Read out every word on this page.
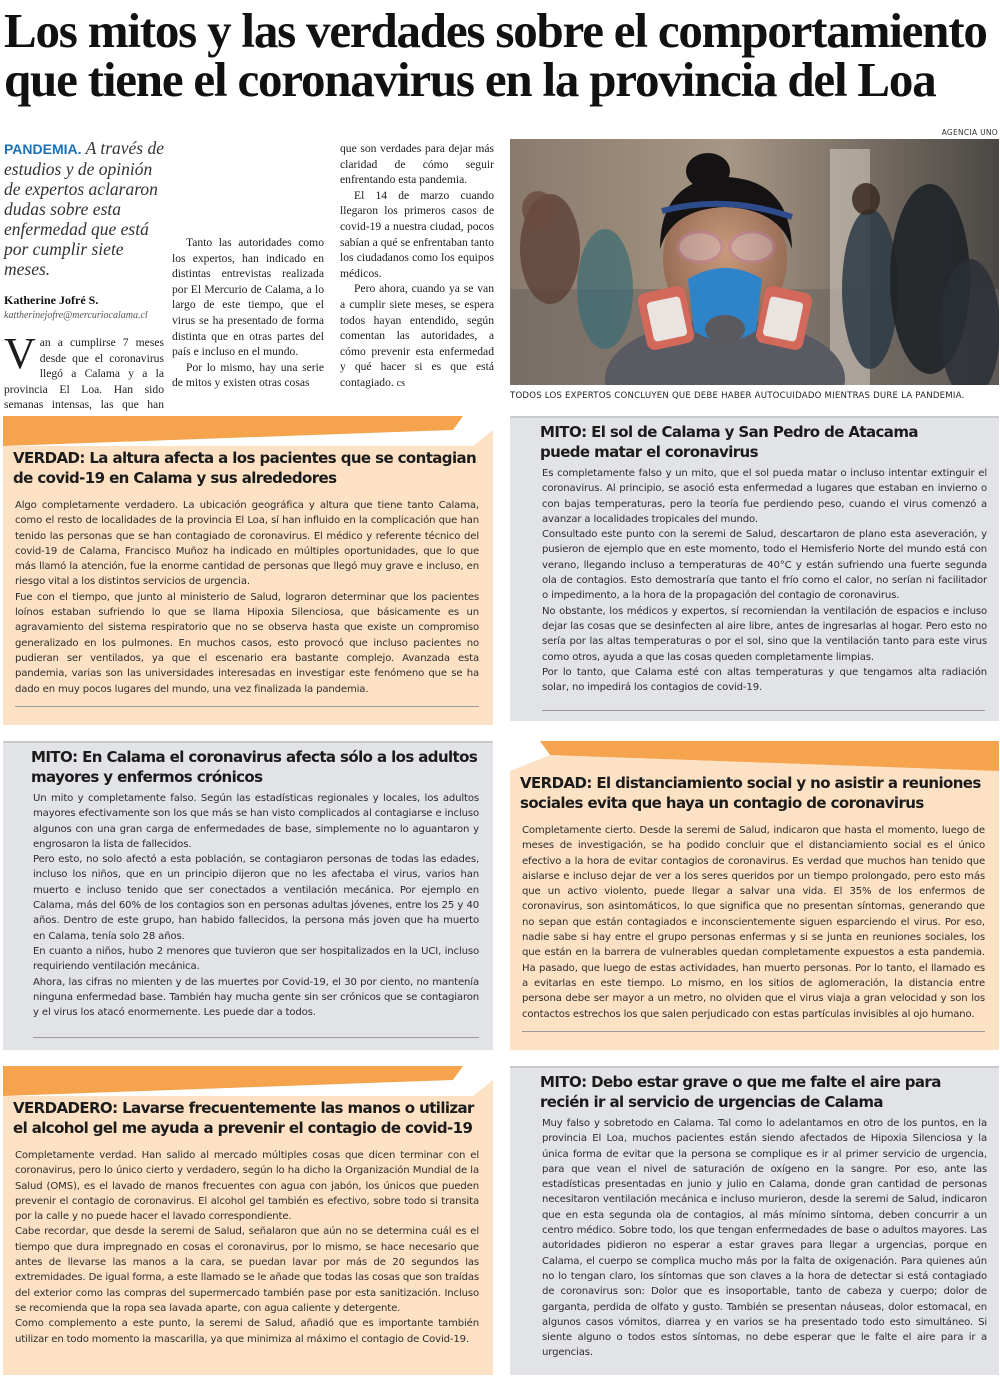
Los mitos y las verdades sobre el comportamiento que tiene el coronavirus en la provincia del Loa

PANDEMIA. A través de estudios y de opinión de expertos aclararon dudas sobre esta enfermedad que está por cumplir siete meses.

Katherine Jofré S.
kattherinejofre@mercuriocalama.cl

Van a cumplirse 7 meses desde que el coronavirus llegó a Calama y a la provincia El Loa. Han sido semanas intensas, las que han

Tanto las autoridades como los expertos, han indicado en distintas entrevistas realizada por El Mercurio de Calama, a lo largo de este tiempo, que el virus se ha presentado de forma distinta que en otras partes del país e incluso en el mundo.

Por lo mismo, hay una serie de mitos y existen otras cosas

que son verdades para dejar más claridad de cómo seguir enfrentando esta pandemia.

El 14 de marzo cuando llegaron los primeros casos de covid-19 a nuestra ciudad, pocos sabían a qué se enfrentaban tanto los ciudadanos como los equipos médicos.

Pero ahora, cuando ya se van a cumplir siete meses, se espera todos hayan entendido, según comentan las autoridades, a cómo prevenir esta enfermedad y qué hacer si es que está contagiado. cs

AGENCIA UNO
TODOS LOS EXPERTOS CONCLUYEN QUE DEBE HABER AUTOCUIDADO MIENTRAS DURE LA PANDEMIA.
VERDAD: La altura afecta a los pacientes que se contagian de covid-19 en Calama y sus alrededores

Algo completamente verdadero. La ubicación geográfica y altura que tiene tanto Calama, como el resto de localidades de la provincia El Loa, sí han influido en la complicación que han tenido las personas que se han contagiado de coronavirus. El médico y referente técnico del covid-19 de Calama, Francisco Muñoz ha indicado en múltiples oportunidades, que lo que más llamó la atención, fue la enorme cantidad de personas que llegó muy grave e incluso, en riesgo vital a los distintos servicios de urgencia.

Fue con el tiempo, que junto al ministerio de Salud, lograron determinar que los pacientes loínos estaban sufriendo lo que se llama Hipoxia Silenciosa, que básicamente es un agravamiento del sistema respiratorio que no se observa hasta que existe un compromiso generalizado en los pulmones. En muchos casos, esto provocó que incluso pacientes no pudieran ser ventilados, ya que el escenario era bastante complejo. Avanzada esta pandemia, varias son las universidades interesadas en investigar este fenómeno que se ha dado en muy pocos lugares del mundo, una vez finalizada la pandemia.

MITO: El sol de Calama y San Pedro de Atacama puede matar el coronavirus

Es completamente falso y un mito, que el sol pueda matar o incluso intentar extinguir el coronavirus. Al principio, se asoció esta enfermedad a lugares que estaban en invierno o con bajas temperaturas, pero la teoría fue perdiendo peso, cuando el virus comenzó a avanzar a localidades tropicales del mundo.

Consultado este punto con la seremi de Salud, descartaron de plano esta aseveración, y pusieron de ejemplo que en este momento, todo el Hemisferio Norte del mundo está con verano, llegando incluso a temperaturas de 40°C y están sufriendo una fuerte segunda ola de contagios. Esto demostraría que tanto el frío como el calor, no serían ni facilitador o impedimento, a la hora de la propagación del contagio de coronavirus.

No obstante, los médicos y expertos, sí recomiendan la ventilación de espacios e incluso dejar las cosas que se desinfecten al aire libre, antes de ingresarlas al hogar. Pero esto no sería por las altas temperaturas o por el sol, sino que la ventilación tanto para este virus como otros, ayuda a que las cosas queden completamente limpias.

Por lo tanto, que Calama esté con altas temperaturas y que tengamos alta radiación solar, no impedirá los contagios de covid-19.

MITO: En Calama el coronavirus afecta sólo a los adultos mayores y enfermos crónicos

Un mito y completamente falso. Según las estadísticas regionales y locales, los adultos mayores efectivamente son los que más se han visto complicados al contagiarse e incluso algunos con una gran carga de enfermedades de base, simplemente no lo aguantaron y engrosaron la lista de fallecidos.

Pero esto, no solo afectó a esta población, se contagiaron personas de todas las edades, incluso los niños, que en un principio dijeron que no les afectaba el virus, varios han muerto e incluso tenido que ser conectados a ventilación mecánica. Por ejemplo en Calama, más del 60% de los contagios son en personas adultas jóvenes, entre los 25 y 40 años. Dentro de este grupo, han habido fallecidos, la persona más joven que ha muerto en Calama, tenía solo 28 años.

En cuanto a niños, hubo 2 menores que tuvieron que ser hospitalizados en la UCI, incluso requiriendo ventilación mecánica.

Ahora, las cifras no mienten y de las muertes por Covid-19, el 30 por ciento, no mantenía ninguna enfermedad base. También hay mucha gente sin ser crónicos que se contagiaron y el virus los atacó enormemente. Les puede dar a todos.

VERDAD: El distanciamiento social y no asistir a reuniones sociales evita que haya un contagio de coronavirus

Completamente cierto. Desde la seremi de Salud, indicaron que hasta el momento, luego de meses de investigación, se ha podido concluir que el distanciamiento social es el único efectivo a la hora de evitar contagios de coronavirus. Es verdad que muchos han tenido que aislarse e incluso dejar de ver a los seres queridos por un tiempo prolongado, pero esto más que un activo violento, puede llegar a salvar una vida. El 35% de los enfermos de coronavirus, son asintomáticos, lo que significa que no presentan síntomas, generando que no sepan que están contagiados e inconscientemente siguen esparciendo el virus. Por eso, nadie sabe si hay entre el grupo personas enfermas y si se junta en reuniones sociales, los que están en la barrera de vulnerables quedan completamente expuestos a esta pandemia. Ha pasado, que luego de estas actividades, han muerto personas. Por lo tanto, el llamado es a evitarlas en este tiempo. Lo mismo, en los sitios de aglomeración, la distancia entre persona debe ser mayor a un metro, no olviden que el virus viaja a gran velocidad y son los contactos estrechos los que salen perjudicado con estas partículas invisibles al ojo humano.

VERDADERO: Lavarse frecuentemente las manos o utilizar el alcohol gel me ayuda a prevenir el contagio de covid-19

Completamente verdad. Han salido al mercado múltiples cosas que dicen terminar con el coronavirus, pero lo único cierto y verdadero, según lo ha dicho la Organización Mundial de la Salud (OMS), es el lavado de manos frecuentes con agua con jabón, los únicos que pueden prevenir el contagio de coronavirus. El alcohol gel también es efectivo, sobre todo si transita por la calle y no puede hacer el lavado correspondiente.

Cabe recordar, que desde la seremi de Salud, señalaron que aún no se determina cuál es el tiempo que dura impregnado en cosas el coronavirus, por lo mismo, se hace necesario que antes de llevarse las manos a la cara, se puedan lavar por más de 20 segundos las extremidades. De igual forma, a este llamado se le añade que todas las cosas que son traídas del exterior como las compras del supermercado también pase por esta sanitización. Incluso se recomienda que la ropa sea lavada aparte, con agua caliente y detergente.

Como complemento a este punto, la seremi de Salud, añadió que es importante también utilizar en todo momento la mascarilla, ya que minimiza al máximo el contagio de Covid-19.

MITO: Debo estar grave o que me falte el aire para recién ir al servicio de urgencias de Calama

Muy falso y sobretodo en Calama. Tal como lo adelantamos en otro de los puntos, en la provincia El Loa, muchos pacientes están siendo afectados de Hipoxia Silenciosa y la única forma de evitar que la persona se complique es ir al primer servicio de urgencia, para que vean el nivel de saturación de oxígeno en la sangre. Por eso, ante las estadísticas presentadas en junio y julio en Calama, donde gran cantidad de personas necesitaron ventilación mecánica e incluso murieron, desde la seremi de Salud, indicaron que en esta segunda ola de contagios, al más mínimo síntoma, deben concurrir a un centro médico. Sobre todo, los que tengan enfermedades de base o adultos mayores. Las autoridades pidieron no esperar a estar graves para llegar a urgencias, porque en Calama, el cuerpo se complica mucho más por la falta de oxigenación. Para quienes aún no lo tengan claro, los síntomas que son claves a la hora de detectar si está contagiado de coronavirus son: Dolor que es insoportable, tanto de cabeza y cuerpo; dolor de garganta, perdida de olfato y gusto. También se presentan náuseas, dolor estomacal, en algunos casos vómitos, diarrea y en varios se ha presentado todo esto simultáneo. Si siente alguno o todos estos síntomas, no debe esperar que le falte el aire para ir a urgencias.
